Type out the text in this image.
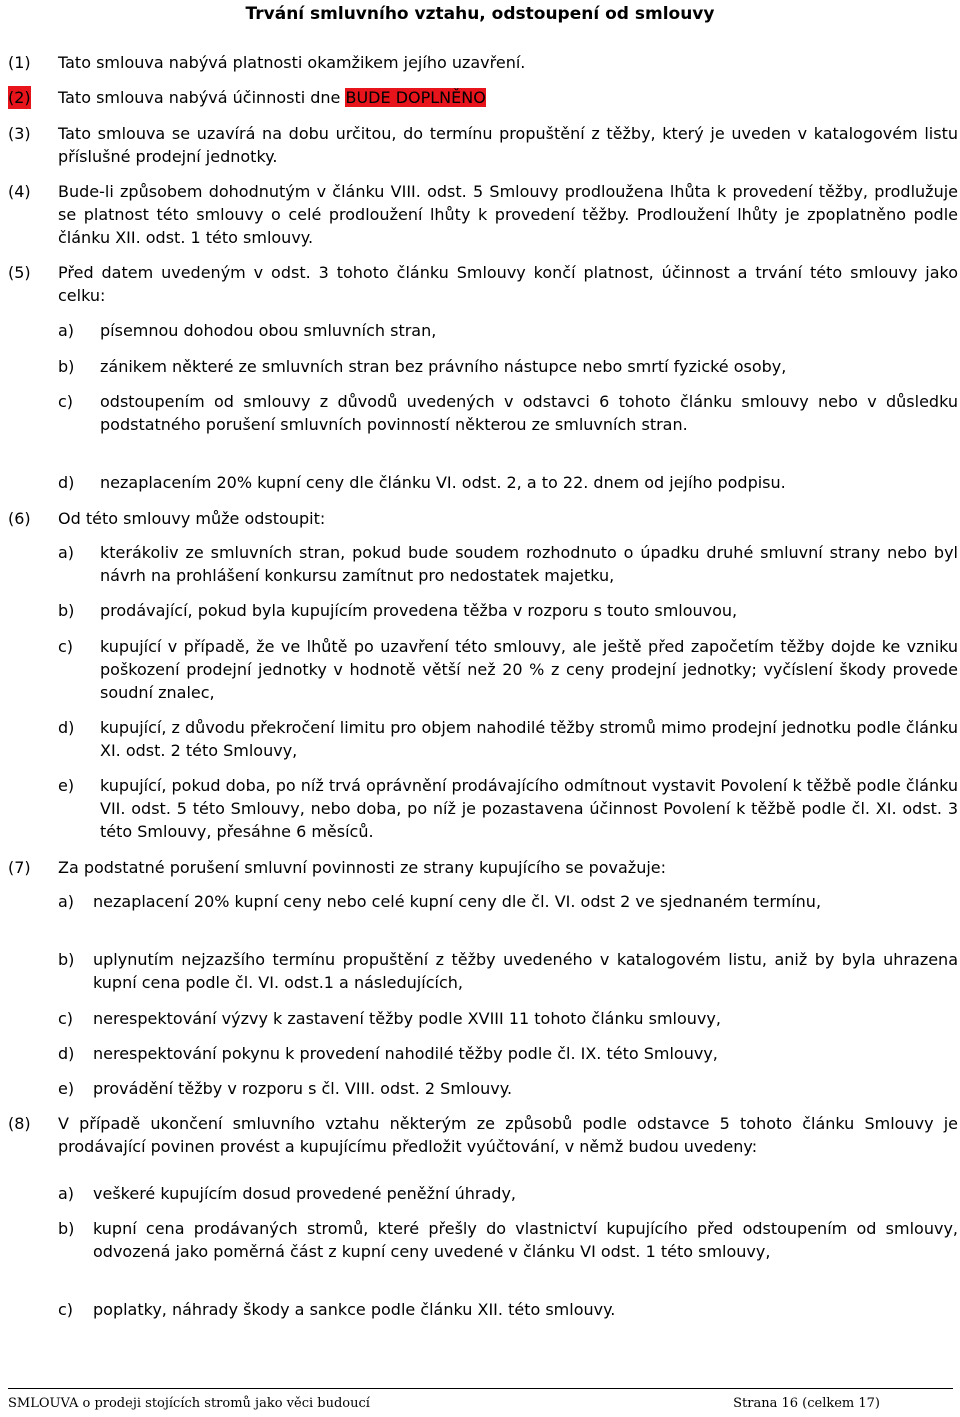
Trvání smluvního vztahu, odstoupení od smlouvy
(1) Tato smlouva nabývá platnosti okamžikem jejího uzavření.
(2) Tato smlouva nabývá účinnosti dne BUDE DOPLNĚNO
(3) Tato smlouva se uzavírá na dobu určitou, do termínu propuštění z těžby, který je uveden v katalogovém listu příslušné prodejní jednotky.
(4) Bude-li způsobem dohodnutým v článku VIII. odst. 5 Smlouvy prodloužena lhůta k provedení těžby, prodlužuje se platnost této smlouvy o celé prodloužení lhůty k provedení těžby. Prodloužení lhůty je zpoplatněno podle článku XII. odst. 1 této smlouvy.
(5) Před datem uvedeným v odst. 3 tohoto článku Smlouvy končí platnost, účinnost a trvání této smlouvy jako celku:
a) písemnou dohodou obou smluvních stran,
b) zánikem některé ze smluvních stran bez právního nástupce nebo smrtí fyzické osoby,
c) odstoupením od smlouvy z důvodů uvedených v odstavci 6 tohoto článku smlouvy nebo v důsledku podstatného porušení smluvních povinností některou ze smluvních stran.
d) nezaplacením 20% kupní ceny dle článku VI. odst. 2, a to 22. dnem od jejího podpisu.
(6) Od této smlouvy může odstoupit:
a) kterákoliv ze smluvních stran, pokud bude soudem rozhodnuto o úpadku druhé smluvní strany nebo byl návrh na prohlášení konkursu zamítnut pro nedostatek majetku,
b) prodávající, pokud byla kupujícím provedena těžba v rozporu s touto smlouvou,
c) kupující v případě, že ve lhůtě po uzavření této smlouvy, ale ještě před započetím těžby dojde ke vzniku poškození prodejní jednotky v hodnotě větší než 20 % z ceny prodejní jednotky; vyčíslení škody provede soudní znalec,
d) kupující, z důvodu překročení limitu pro objem nahodilé těžby stromů mimo prodejní jednotku podle článku XI. odst. 2 této Smlouvy,
e) kupující, pokud doba, po níž trvá oprávnění prodávajícího odmítnout vystavit Povolení k těžbě podle článku VII. odst. 5 této Smlouvy, nebo doba, po níž je pozastavena účinnost Povolení k těžbě podle čl. XI. odst. 3 této Smlouvy, přesáhne 6 měsíců.
(7) Za podstatné porušení smluvní povinnosti ze strany kupujícího se považuje:
a) nezaplacení 20% kupní ceny nebo celé kupní ceny dle čl. VI. odst 2 ve sjednaném termínu,
b) uplynutím nejzazšího termínu propuštění z těžby uvedeného v katalogovém listu, aniž by byla uhrazena kupní cena podle čl. VI. odst.1 a následujících,
c) nerespektování výzvy k zastavení těžby podle XVIII 11 tohoto článku smlouvy,
d) nerespektování pokynu k provedení nahodilé těžby podle čl. IX. této Smlouvy,
e) provádění těžby v rozporu s čl. VIII. odst. 2 Smlouvy.
(8) V případě ukončení smluvního vztahu některým ze způsobů podle odstavce 5 tohoto článku Smlouvy je prodávající povinen provést a kupujícímu předložit vyúčtování, v němž budou uvedeny:
a) veškeré kupujícím dosud provedené peněžní úhrady,
b) kupní cena prodávaných stromů, které přešly do vlastnictví kupujícího před odstoupením od smlouvy, odvozená jako poměrná část z kupní ceny uvedené v článku VI odst. 1 této smlouvy,
c) poplatky, náhrady škody a sankce podle článku XII. této smlouvy.
SMLOUVA o prodeji stojících stromů jako věci budoucí	Strana 16 (celkem 17)
